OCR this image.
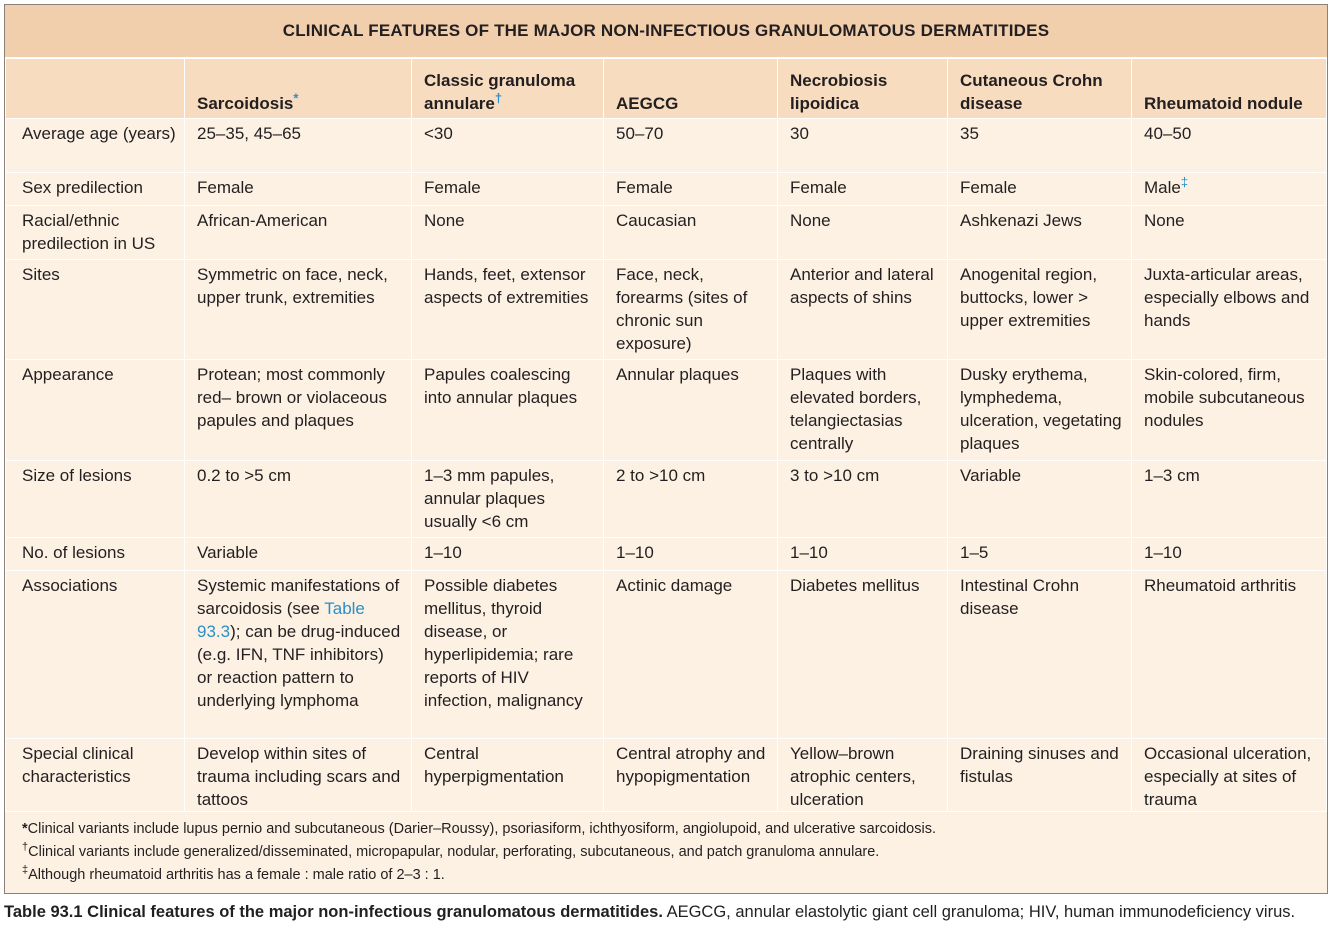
CLINICAL FEATURES OF THE MAJOR NON-INFECTIOUS GRANULOMATOUS DERMATITIDES
	Sarcoidosis*	Classic granuloma annulare†	AEGCG	Necrobiosis lipoidica	Cutaneous Crohn disease	Rheumatoid nodule
Average age (years)	25–35, 45–65	<30	50–70	30	35	40–50
Sex predilection	Female	Female	Female	Female	Female	Male‡
Racial/ethnic predilection in US	African-American	None	Caucasian	None	Ashkenazi Jews	None
Sites	Symmetric on face, neck, upper trunk, extremities	Hands, feet, extensor aspects of extremities	Face, neck, forearms (sites of chronic sun exposure)	Anterior and lateral aspects of shins	Anogenital region, buttocks, lower > upper extremities	Juxta-articular areas, especially elbows and hands
Appearance	Protean; most commonly red– brown or violaceous papules and plaques	Papules coalescing into annular plaques	Annular plaques	Plaques with elevated borders, telangiectasias centrally	Dusky erythema, lymphedema, ulceration, vegetating plaques	Skin-colored, firm, mobile subcutaneous nodules
Size of lesions	0.2 to >5 cm	1–3 mm papules, annular plaques usually <6 cm	2 to >10 cm	3 to >10 cm	Variable	1–3 cm
No. of lesions	Variable	1–10	1–10	1–10	1–5	1–10
Associations	Systemic manifestations of sarcoidosis (see Table 93.3); can be drug-induced (e.g. IFN, TNF inhibitors) or reaction pattern to underlying lymphoma	Possible diabetes mellitus, thyroid disease, or hyperlipidemia; rare reports of HIV infection, malignancy	Actinic damage	Diabetes mellitus	Intestinal Crohn disease	Rheumatoid arthritis
Special clinical characteristics	Develop within sites of trauma including scars and tattoos	Central hyperpigmentation	Central atrophy and hypopigmentation	Yellow–brown atrophic centers, ulceration	Draining sinuses and fistulas	Occasional ulceration, especially at sites of trauma
*Clinical variants include lupus pernio and subcutaneous (Darier–Roussy), psoriasiform, ichthyosiform, angiolupoid, and ulcerative sarcoidosis.
†Clinical variants include generalized/disseminated, micropapular, nodular, perforating, subcutaneous, and patch granuloma annulare.
‡Although rheumatoid arthritis has a female : male ratio of 2–3 : 1.
Table 93.1 Clinical features of the major non-infectious granulomatous dermatitides. AEGCG, annular elastolytic giant cell granuloma; HIV, human immunodeficiency virus.
